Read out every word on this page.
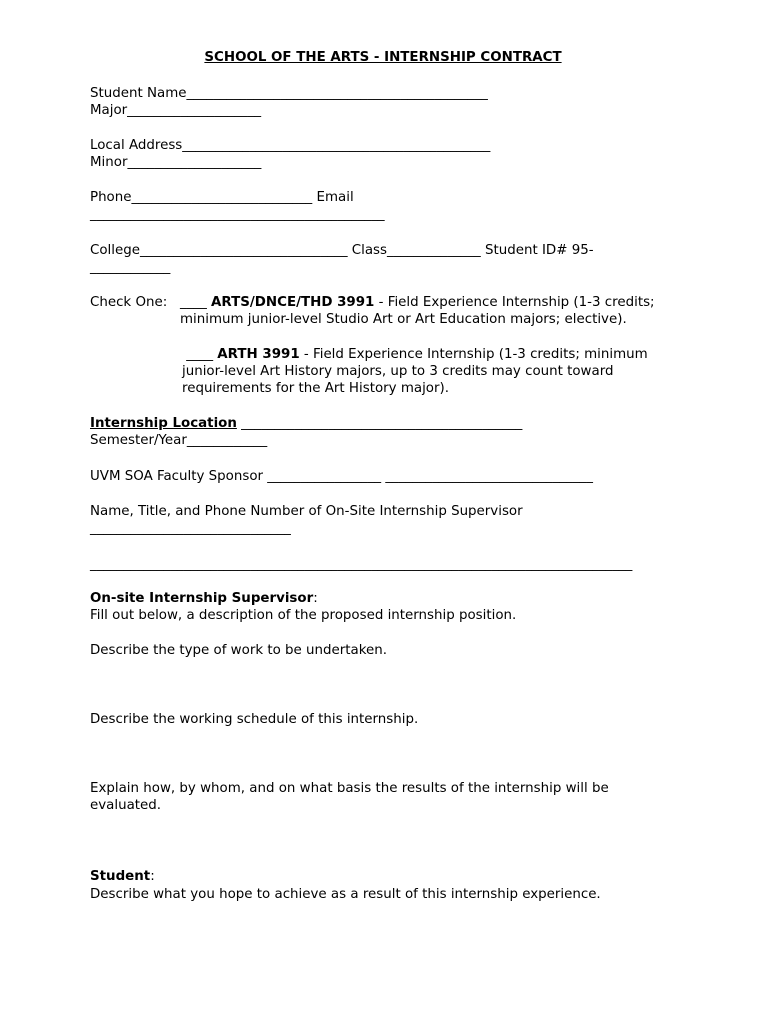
SCHOOL OF THE ARTS - INTERNSHIP CONTRACT
Student Name_____________________________________________
Major____________________
Local Address______________________________________________
Minor____________________
Phone___________________________ Email
____________________________________________
College_______________________________ Class______________ Student ID# 95-
____________
Check One: ____ ARTS/DNCE/THD 3991 - Field Experience Internship (1-3 credits;
minimum junior-level Studio Art or Art Education majors; elective).
____ ARTH 3991 - Field Experience Internship (1-3 credits; minimum
junior-level Art History majors, up to 3 credits may count toward
requirements for the Art History major).
Internship Location __________________________________________
Semester/Year____________
UVM SOA Faculty Sponsor _________________ _______________________________
Name, Title, and Phone Number of On-Site Internship Supervisor
______________________________
_________________________________________________________________________________
On-site Internship Supervisor:
Fill out below, a description of the proposed internship position.
Describe the type of work to be undertaken.
Describe the working schedule of this internship.
Explain how, by whom, and on what basis the results of the internship will be
evaluated.
Student:
Describe what you hope to achieve as a result of this internship experience.
